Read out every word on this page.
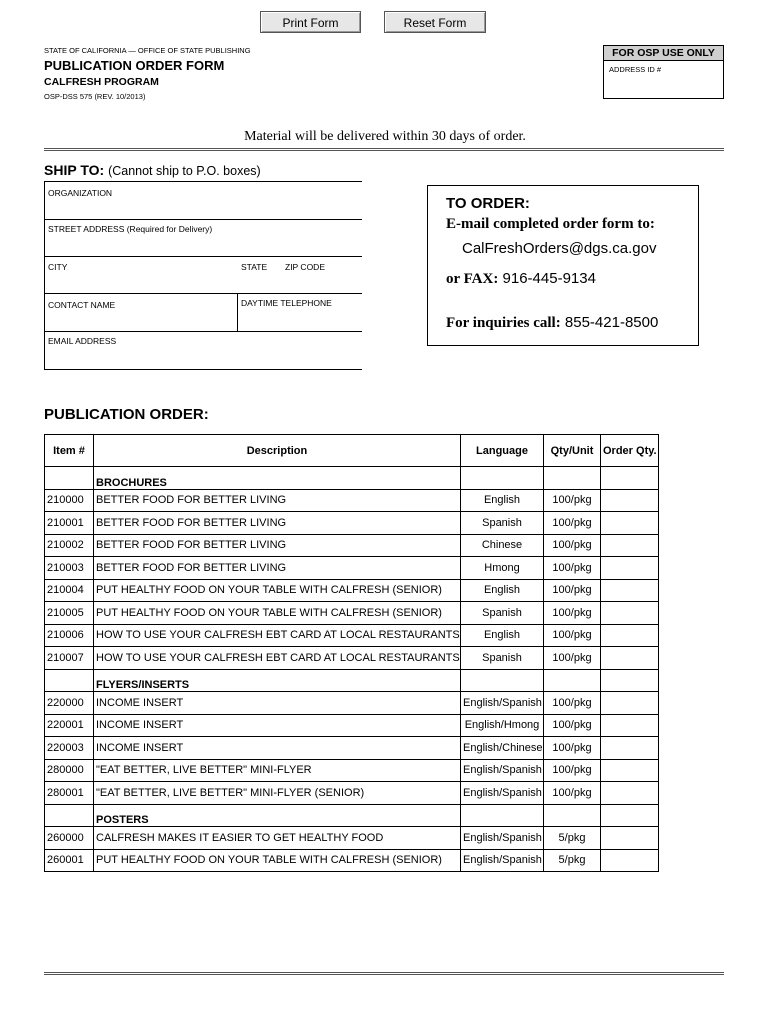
Print Form	Reset Form
STATE OF CALIFORNIA — OFFICE OF STATE PUBLISHING
PUBLICATION ORDER FORM
CALFRESH PROGRAM
OSP-DSS 575 (REV. 10/2013)
FOR OSP USE ONLY
ADDRESS ID #
Material will be delivered within 30 days of order.
SHIP TO: (Cannot ship to P.O. boxes)
ORGANIZATION
STREET ADDRESS (Required for Delivery)
CITY	STATE ZIP CODE
CONTACT NAME	DAYTIME TELEPHONE
EMAIL ADDRESS
TO ORDER:
E-mail completed order form to:
CalFreshOrders@dgs.ca.gov
or FAX: 916-445-9134
For inquiries call: 855-421-8500
PUBLICATION ORDER:
Item #	Description	Language	Qty/Unit	Order Qty.
	BROCHURES			
210000	BETTER FOOD FOR BETTER LIVING	English	100/pkg	
210001	BETTER FOOD FOR BETTER LIVING	Spanish	100/pkg	
210002	BETTER FOOD FOR BETTER LIVING	Chinese	100/pkg	
210003	BETTER FOOD FOR BETTER LIVING	Hmong	100/pkg	
210004	PUT HEALTHY FOOD ON YOUR TABLE WITH CALFRESH (SENIOR)	English	100/pkg	
210005	PUT HEALTHY FOOD ON YOUR TABLE WITH CALFRESH (SENIOR)	Spanish	100/pkg	
210006	HOW TO USE YOUR CALFRESH EBT CARD AT LOCAL RESTAURANTS	English	100/pkg	
210007	HOW TO USE YOUR CALFRESH EBT CARD AT LOCAL RESTAURANTS	Spanish	100/pkg	
	FLYERS/INSERTS			
220000	INCOME INSERT	English/Spanish	100/pkg	
220001	INCOME INSERT	English/Hmong	100/pkg	
220003	INCOME INSERT	English/Chinese	100/pkg	
280000	"EAT BETTER, LIVE BETTER" MINI-FLYER	English/Spanish	100/pkg	
280001	"EAT BETTER, LIVE BETTER" MINI-FLYER (SENIOR)	English/Spanish	100/pkg	
	POSTERS			
260000	CALFRESH MAKES IT EASIER TO GET HEALTHY FOOD	English/Spanish	5/pkg	
260001	PUT HEALTHY FOOD ON YOUR TABLE WITH CALFRESH (SENIOR)	English/Spanish	5/pkg	
